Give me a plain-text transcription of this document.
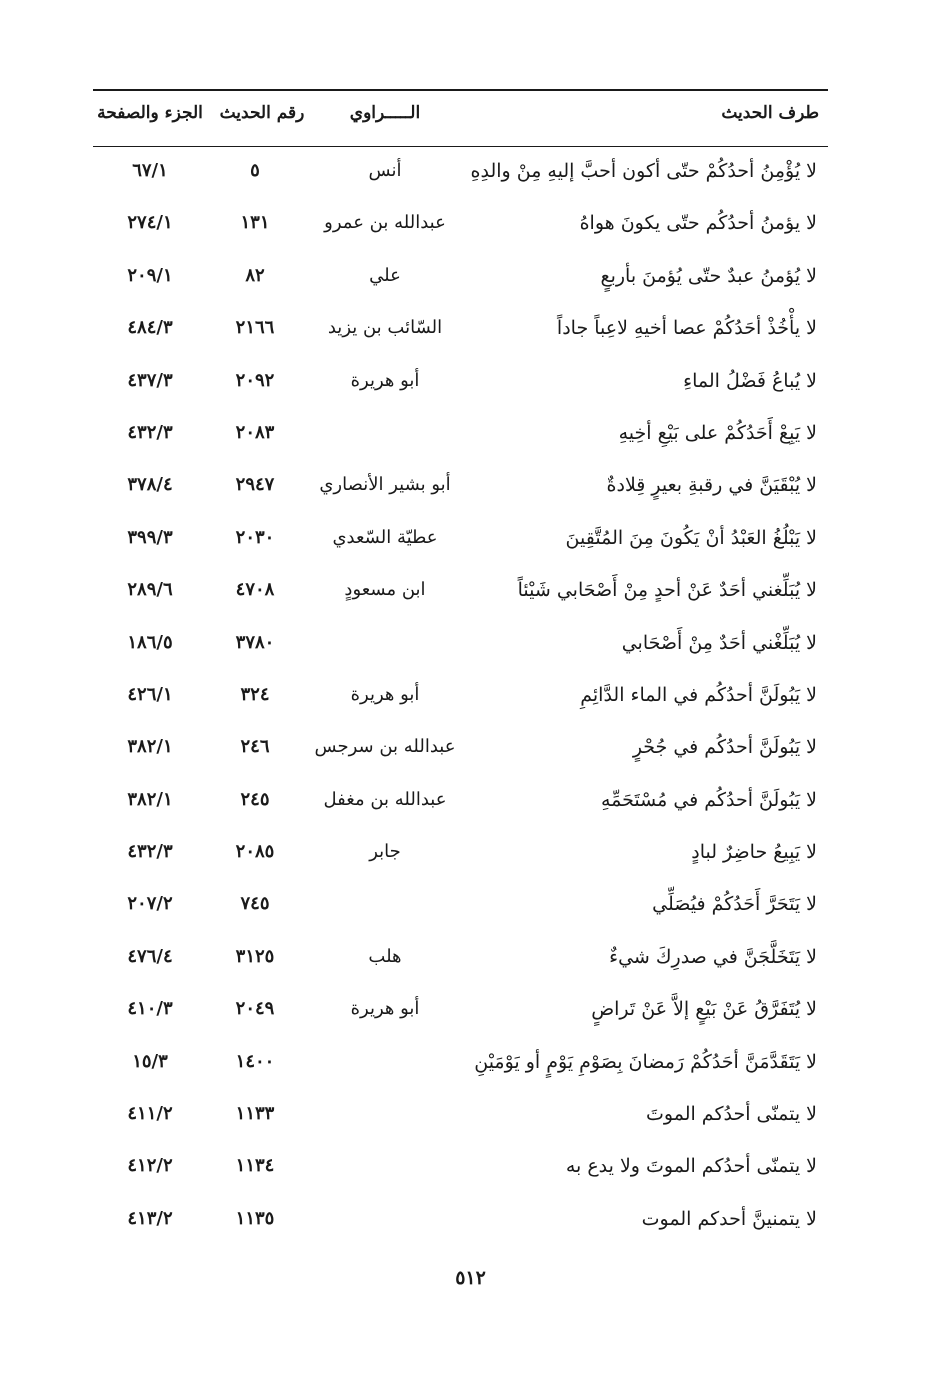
طرف الحديث
الـــــراوي
رقم الحديث
الجزء والصفحة
لا يُؤْمِنُ أحدُكُمْ حتّى أكون أحبَّ إليهِ مِنْ والدِهِ
أنس
٥
٦٧/١
لا يؤمنُ أحدُكُم حتّى يكونَ هواهُ
عبدالله بن عمرو
١٣١
٢٧٤/١
لا يُؤمنُ عبدٌ حتّى يُؤمنَ بأربعٍ
علي
٨٢
٢٠٩/١
لا يأْخُذْ أحَدُكُمْ عصا أخيهِ لاعِباً جاداً
السّائب بن يزيد
٢١٦٦
٤٨٤/٣
لا يُباعُ فَضْلُ الماءِ
أبو هريرة
٢٠٩٢
٤٣٧/٣
لا يَبِعْ أَحَدُكُمْ على بَيْعِ أخِيهِ
٢٠٨٣
٤٣٢/٣
لا يُبْقَيَنَّ في رقبةِ بعيرٍ قِلادةٌ
أبو بشير الأنصاري
٢٩٤٧
٣٧٨/٤
لا يَبْلُغُ العَبْدُ أنْ يَكُونَ مِنَ المُتَّقِينَ
عطيّة السّعدي
٢٠٣٠
٣٩٩/٣
لا يُبَلِّغني أحَدٌ عَنْ أحدٍ مِنْ أَصْحَابي شَيْئاً
ابن مسعودٍ
٤٧٠٨
٢٨٩/٦
لا يُبَلِّغْني أحَدٌ مِنْ أَصْحَابي
٣٧٨٠
١٨٦/٥
لا يَبُولَنَّ أحدُكُم في الماء الدَّائِمِ
أبو هريرة
٣٢٤
٤٢٦/١
لا يَبُولَنَّ أحدُكُم في جُحْرٍ
عبدالله بن سرجس
٢٤٦
٣٨٢/١
لا يَبُولَنَّ أحدُكُم في مُسْتَحَمِّهِ
عبدالله بن مغفل
٢٤٥
٣٨٢/١
لا يَبِيعُ حاضِرٌ لبادٍ
جابر
٢٠٨٥
٤٣٢/٣
لا يَتَحَرَّ أَحَدُكُمْ فيُصَلِّي
٧٤٥
٢٠٧/٢
لا يَتَخَلَّجَنَّ في صدرِكَ شيءٌ
هلب
٣١٢٥
٤٧٦/٤
لا يُتَفَرَّقُ عَنْ بَيْعٍ إلاَّ عَنْ تَراضٍ
أبو هريرة
٢٠٤٩
٤١٠/٣
لا يَتَقَدَّمَنَّ أحَدُكُمْ رَمضانَ بِصَوْمِ يَوْمٍ أو يَوْمَيْنِ
١٤٠٠
١٥/٣
لا يتمنّى أحدُكم الموتَ
١١٣٣
٤١١/٢
لا يتمنّى أحدُكم الموتَ ولا يدع به
١١٣٤
٤١٢/٢
لا يتمنينَّ أحدكم الموت
١١٣٥
٤١٣/٢
٥١٢
